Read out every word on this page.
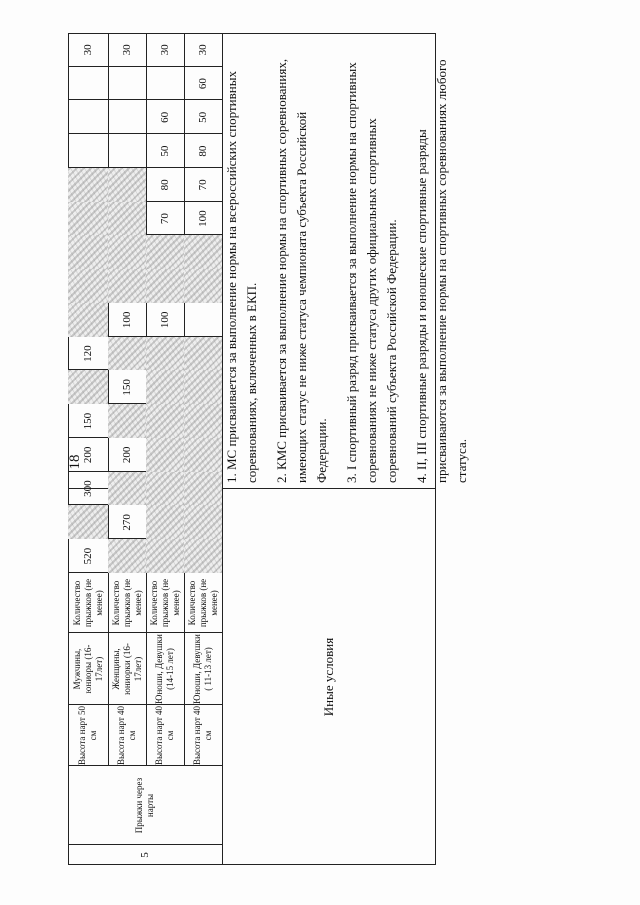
18
5
Прыжки через нарты
Высота нарт 50 см
Мужчины, юниоры (16-17лет)
Количество прыжков (не менее)
Высота нарт 40 см
Женщины, юниорки (16-17лет)
Количество прыжков (не менее)
Высота нарт 40 см
Юноши, Девушки (14-15 лет)
Количество прыжков (не менее)
Высота нарт 40 см
Юноши, Девушки ( 11-13 лет)
Количество прыжков (не менее)
Иные условия

1. МС присваивается за выполнение нормы на всероссийских спортивных соревнованиях, включенных в ЕКП. 2. КМС присваивается за выполнение нормы на спортивных соревнованиях, имеющих статус не ниже статуса чемпионата субъекта Российской Федерации. 3. I спортивный разряд присваивается за выполнение нормы на спортивных соревнованиях не ниже статуса других официальных спортивных соревнований субъекта Российской Федерации. 4. II, III спортивные разряды и юношеские спортивные разряды присваиваются за выполнение нормы на спортивных соревнованиях любого статуса.

520
300
200
150
120
30
270
200
150
100
30
100
70
80
50
60
30
100
70
80
50
60
30
